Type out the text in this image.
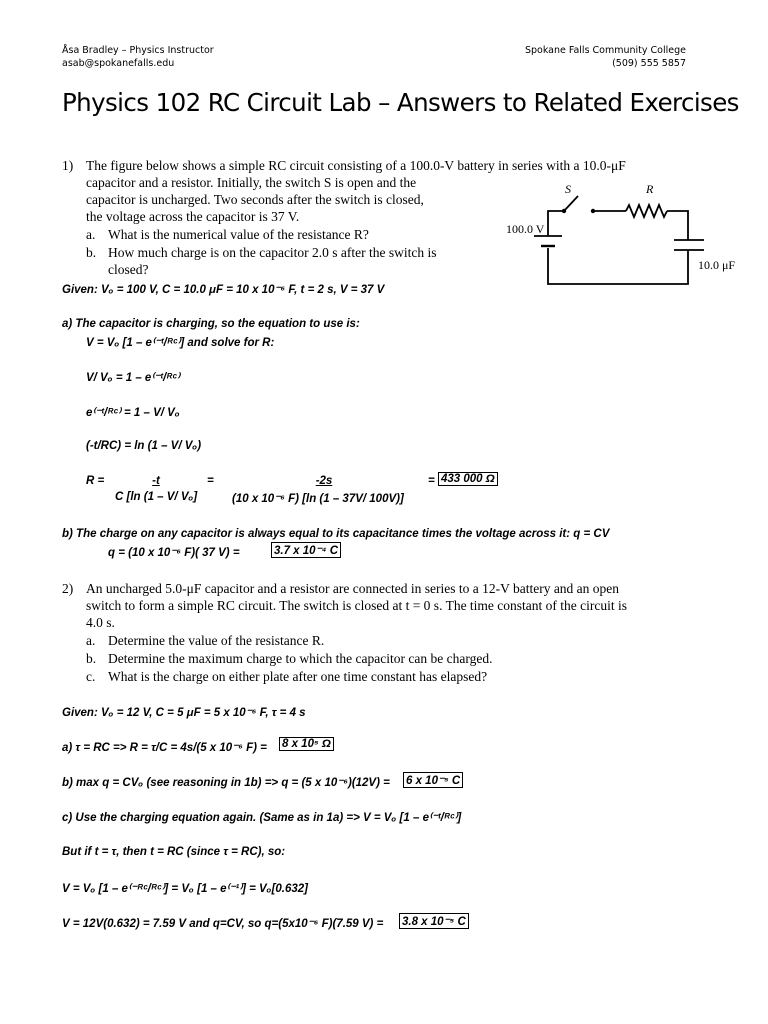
Åsa Bradley – Physics Instructor
asab@spokanefalls.edu
Spokane Falls Community College
(509) 555 5857
Physics 102 RC Circuit Lab – Answers to Related Exercises
1) The figure below shows a simple RC circuit consisting of a 100.0-V battery in series with a 10.0-μF
capacitor and a resistor. Initially, the switch S is open and the
capacitor is uncharged. Two seconds after the switch is closed,
the voltage across the capacitor is 37 V.
a. What is the numerical value of the resistance R?
b. How much charge is on the capacitor 2.0 s after the switch is
closed?
S	R
100.0 V
10.0 μF
Given: Vₒ = 100 V, C = 10.0 μF = 10 x 10⁻⁶ F, t = 2 s, V = 37 V
a) The capacitor is charging, so the equation to use is:
V = Vₒ [1 – e⁽⁻ᵗ/ᴿᶜ⁾] and solve for R:
V/ Vₒ = 1 – e⁽⁻ᵗ/ᴿᶜ⁾
e⁽⁻ᵗ/ᴿᶜ⁾ = 1 – V/ Vₒ
(-t/RC) = ln (1 – V/ Vₒ)
R =	-t
C [ln (1 – V/ Vₒ]
=	-2s
(10 x 10⁻⁶ F) [ln (1 – 37V/ 100V)]
= 433 000 Ω
b) The charge on any capacitor is always equal to its capacitance times the voltage across it: q = CV
q = (10 x 10⁻⁶ F)( 37 V) =	3.7 x 10⁻⁴ C
2) An uncharged 5.0-μF capacitor and a resistor are connected in series to a 12-V battery and an open
switch to form a simple RC circuit. The switch is closed at t = 0 s. The time constant of the circuit is
4.0 s.
a. Determine the value of the resistance R.
b. Determine the maximum charge to which the capacitor can be charged.
c. What is the charge on either plate after one time constant has elapsed?
Given: Vₒ = 12 V, C = 5 μF = 5 x 10⁻⁶ F, τ = 4 s
a) τ = RC => R = τ/C = 4s/(5 x 10⁻⁶ F) = 8 x 10⁵ Ω
b) max q = CVₒ (see reasoning in 1b) => q = (5 x 10⁻⁶)(12V) = 6 x 10⁻⁵ C
c) Use the charging equation again. (Same as in 1a) => V = Vₒ [1 – e⁽⁻ᵗ/ᴿᶜ⁾]
But if t = τ, then t = RC (since τ = RC), so:
V = Vₒ [1 – e⁽⁻ᴿᶜ/ᴿᶜ⁾] = Vₒ [1 – e⁽⁻¹⁾] = Vₒ[0.632]
V = 12V(0.632) = 7.59 V and q=CV, so q=(5x10⁻⁶ F)(7.59 V) = 3.8 x 10⁻⁵ C
